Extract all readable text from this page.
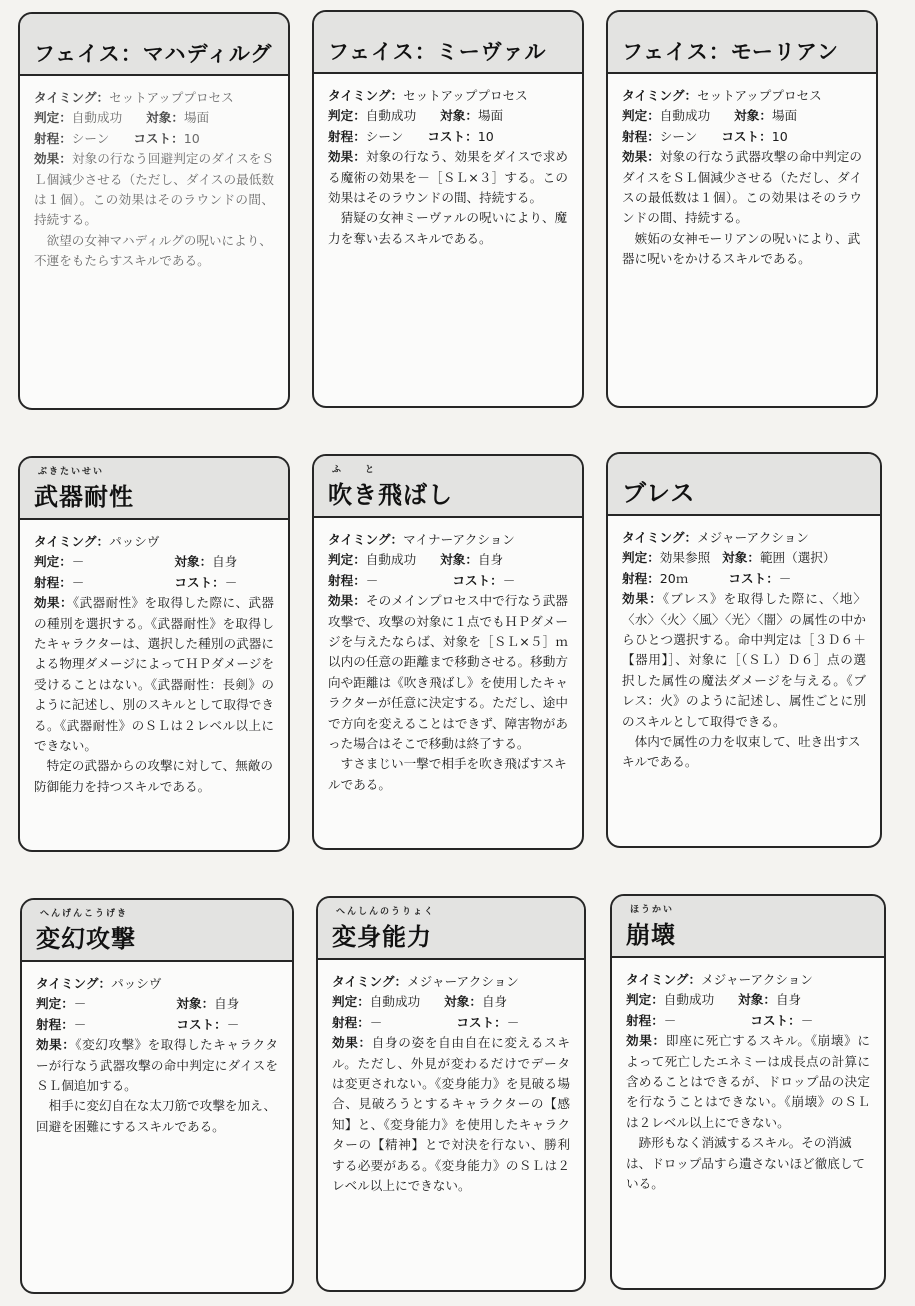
フェイス：マハディルグ
タイミング：セットアッププロセス
判定：自動成功 対象：場面
射程：シーン コスト：10

効果：対象の行なう回避判定のダイスをＳＬ個減少させる（ただし、ダイスの最低数は１個）。この効果はそのラウンドの間、持続する。

欲望の女神マハディルグの呪いにより、不運をもたらすスキルである。

フェイス：ミーヴァル
タイミング：セットアッププロセス
判定：自動成功 対象：場面
射程：シーン コスト：10

効果：対象の行なう、効果をダイスで求める魔術の効果を－［ＳＬ×３］する。この効果はそのラウンドの間、持続する。

猜疑の女神ミーヴァルの呪いにより、魔力を奪い去るスキルである。

フェイス：モーリアン
タイミング：セットアッププロセス
判定：自動成功 対象：場面
射程：シーン コスト：10

効果：対象の行なう武器攻撃の命中判定のダイスをＳＬ個減少させる（ただし、ダイスの最低数は１個）。この効果はそのラウンドの間、持続する。

嫉妬の女神モーリアンの呪いにより、武器に呪いをかけるスキルである。

ぶきたいせい
武器耐性
タイミング：パッシヴ
判定：－	対象：自身
射程：－	コスト：－

効果：《武器耐性》を取得した際に、武器の種別を選択する。《武器耐性》を取得したキャラクターは、選択した種別の武器による物理ダメージによってＨＰダメージを受けることはない。《武器耐性：長剣》のように記述し、別のスキルとして取得できる。《武器耐性》のＳＬは２レベル以上にできない。

特定の武器からの攻撃に対して、無敵の防御能力を持つスキルである。

ふ　　と
吹き飛ばし
タイミング：マイナーアクション
判定：自動成功 対象：自身
射程：－	コスト：－

効果：そのメインプロセス中で行なう武器攻撃で、攻撃の対象に１点でもＨＰダメージを与えたならば、対象を［ＳＬ×５］ｍ以内の任意の距離まで移動させる。移動方向や距離は《吹き飛ばし》を使用したキャラクターが任意に決定する。ただし、途中で方向を変えることはできず、障害物があった場合はそこで移動は終了する。

すさまじい一撃で相手を吹き飛ばすスキルである。

ブレス
タイミング：メジャーアクション
判定：効果参照 対象：範囲（選択）
射程：20ｍ	コスト：－

効果：《ブレス》を取得した際に、〈地〉〈水〉〈火〉〈風〉〈光〉〈闇〉の属性の中からひとつ選択する。命中判定は［３Ｄ６＋【器用】］、対象に［（ＳＬ）Ｄ６］点の選択した属性の魔法ダメージを与える。《ブレス：火》のように記述し、属性ごとに別のスキルとして取得できる。

体内で属性の力を収束して、吐き出すスキルである。

へんげんこうげき
変幻攻撃
タイミング：パッシヴ
判定：－	対象：自身
射程：－	コスト：－

効果：《変幻攻撃》を取得したキャラクターが行なう武器攻撃の命中判定にダイスをＳＬ個追加する。

相手に変幻自在な太刀筋で攻撃を加え、回避を困難にするスキルである。

へんしんのうりょく
変身能力
タイミング：メジャーアクション
判定：自動成功 対象：自身
射程：－	コスト：－

効果：自身の姿を自由自在に変えるスキル。ただし、外見が変わるだけでデータは変更されない。《変身能力》を見破る場合、見破ろうとするキャラクターの【感知】と、《変身能力》を使用したキャラクターの【精神】とで対決を行ない、勝利する必要がある。《変身能力》のＳＬは２レベル以上にできない。

ほうかい
崩壊
タイミング：メジャーアクション
判定：自動成功 対象：自身
射程：－	コスト：－

効果：即座に死亡するスキル。《崩壊》によって死亡したエネミーは成長点の計算に含めることはできるが、ドロップ品の決定を行なうことはできない。《崩壊》のＳＬは２レベル以上にできない。

跡形もなく消滅するスキル。その消滅は、ドロップ品すら遺さないほど徹底している。
